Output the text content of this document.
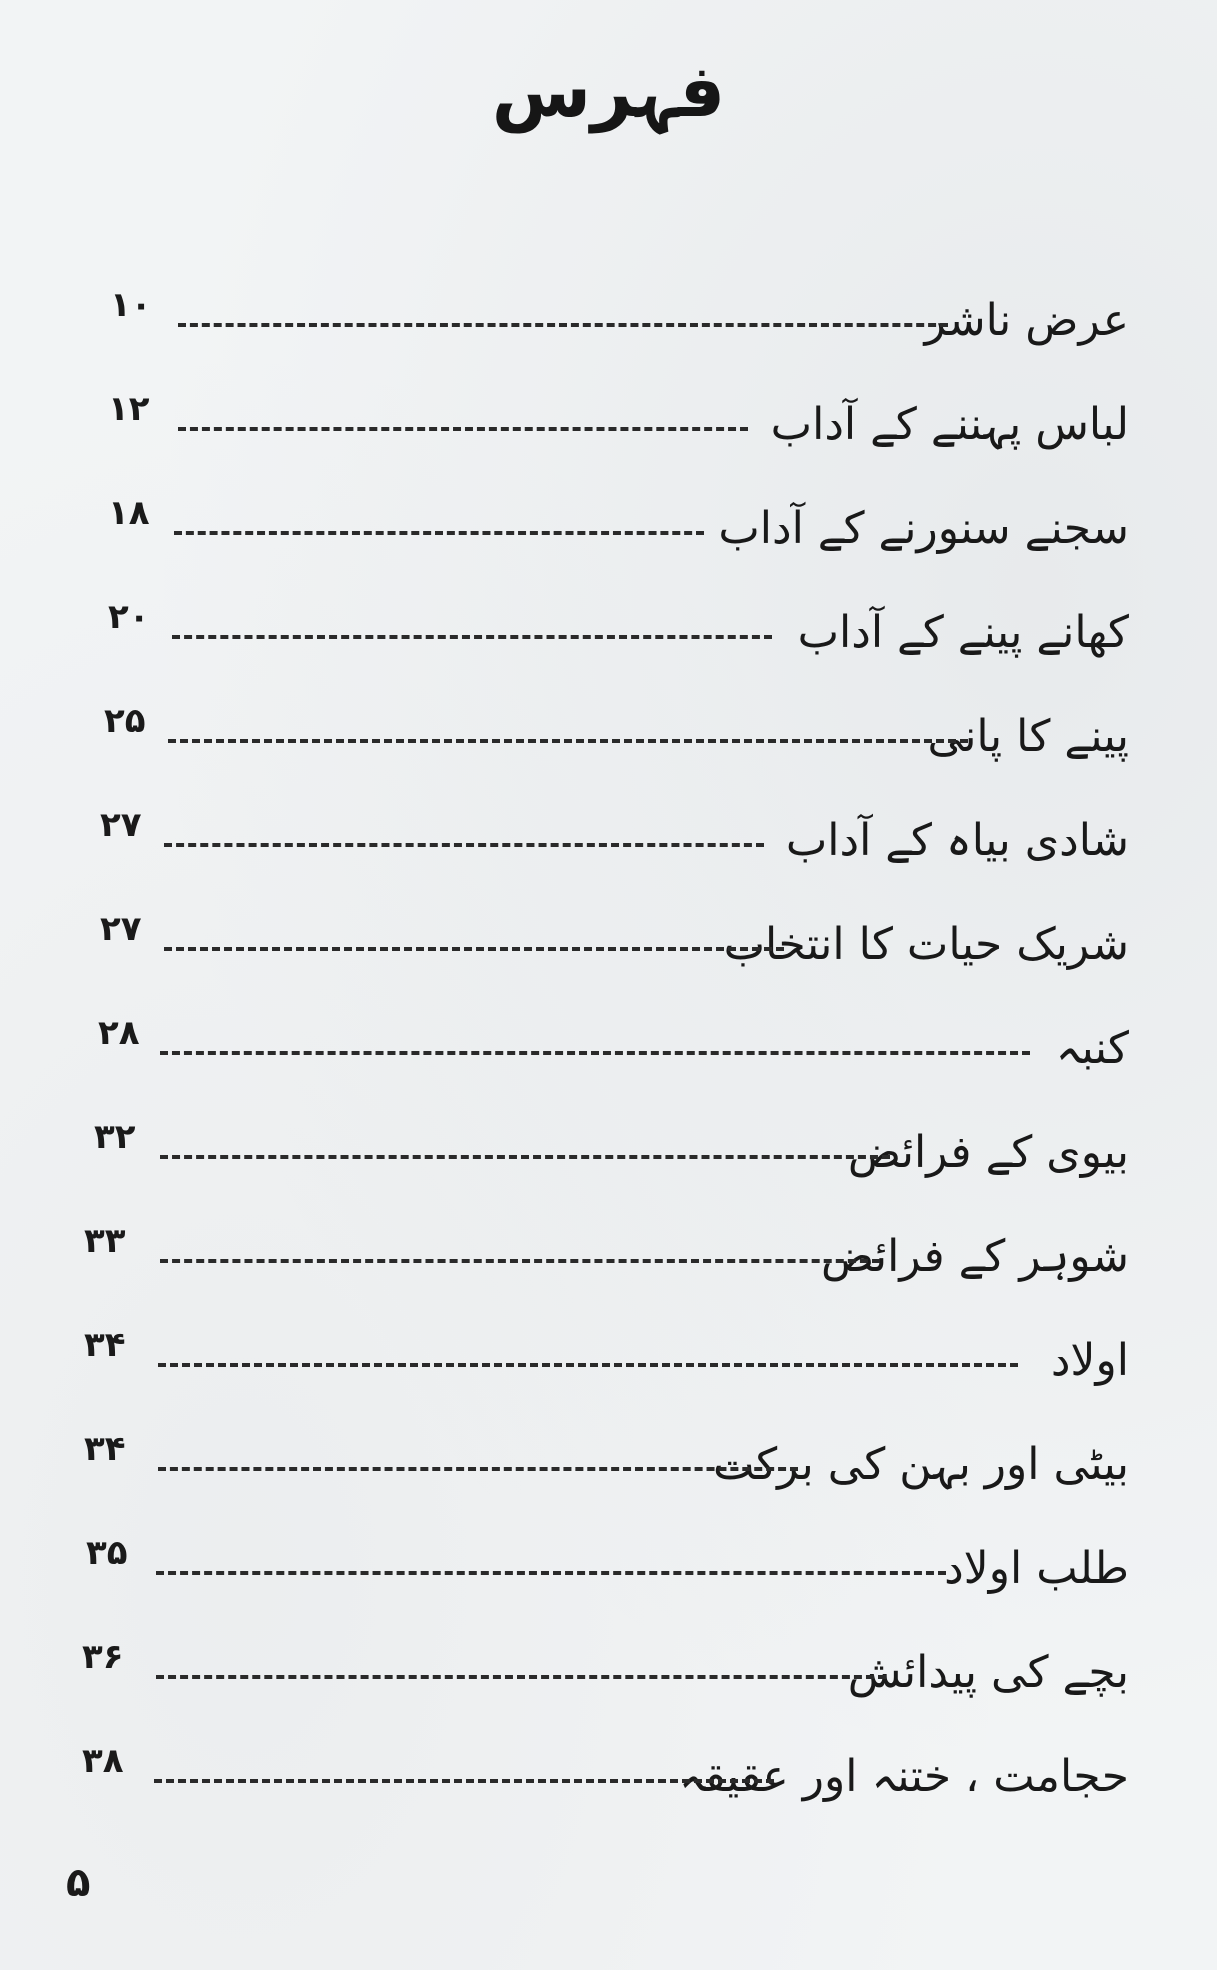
فہرس
عرض ناشر
۱۰
لباس پہننے کے آداب
۱۲
سجنے سنورنے کے آداب
۱۸
کھانے پینے کے آداب
۲۰
پینے کا پانی
۲۵
شادی بیاہ کے آداب
۲۷
شریک حیات کا انتخاب
۲۷
کنبہ
۲۸
بیوی کے فرائض
۳۲
شوہر کے فرائض
۳۳
اولاد
۳۴
بیٹی اور بہن کی برکت
۳۴
طلب اولاد
۳۵
بچے کی پیدائش
۳۶
حجامت ، ختنہ اور عقیقہ
۳۸
۵
